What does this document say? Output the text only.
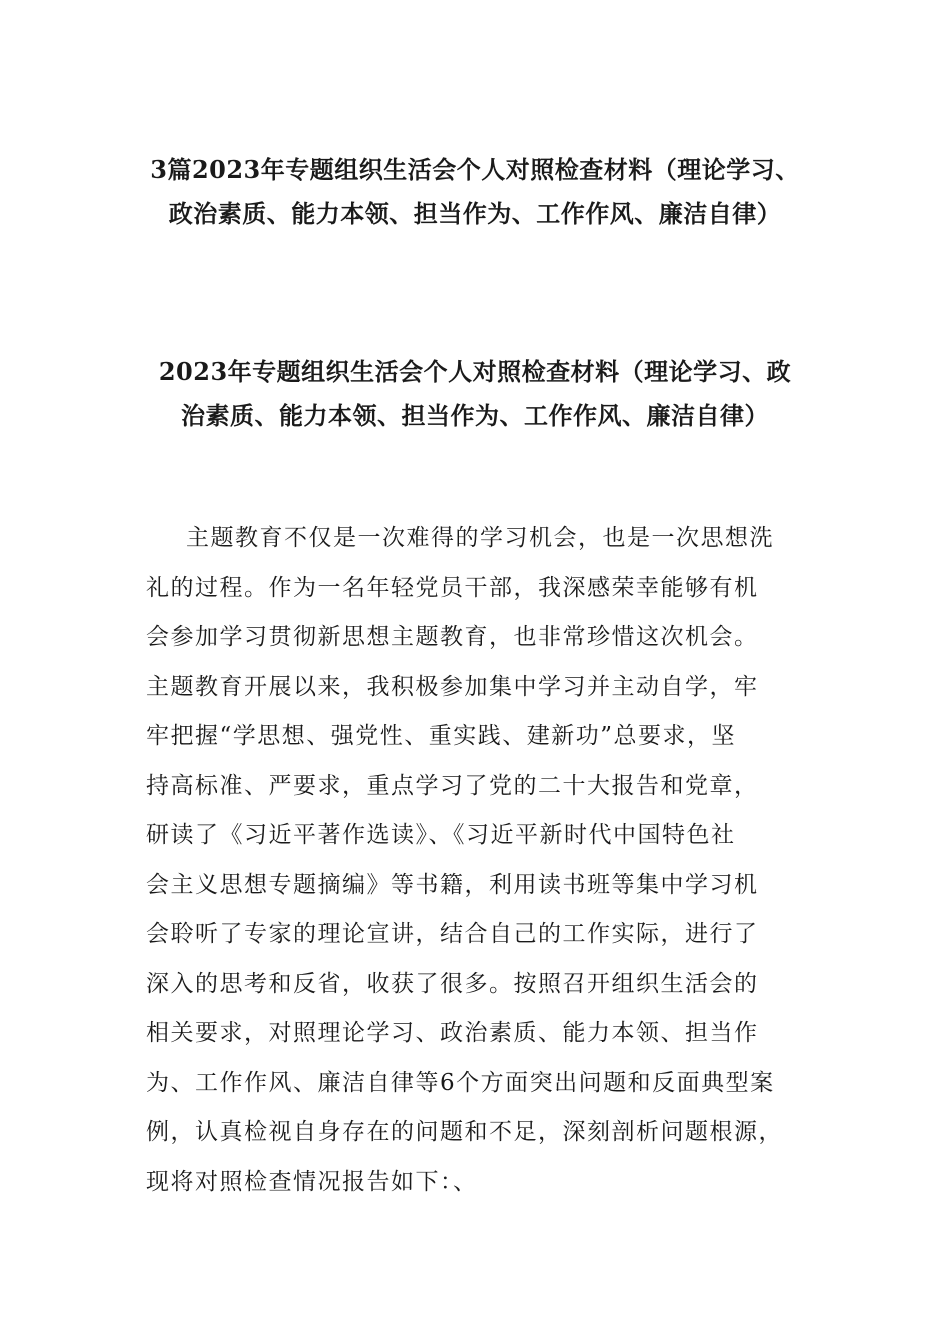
3篇2023年专题组织生活会个人对照检查材料（理论学习、
政治素质、能力本领、担当作为、工作作风、廉洁自律）
2023年专题组织生活会个人对照检查材料（理论学习、政
治素质、能力本领、担当作为、工作作风、廉洁自律）
主题教育不仅是一次难得的学习机会，也是一次思想洗
礼的过程。作为一名年轻党员干部，我深感荣幸能够有机
会参加学习贯彻新思想主题教育，也非常珍惜这次机会。
主题教育开展以来，我积极参加集中学习并主动自学，牢
牢把握“学思想、强党性、重实践、建新功”总要求，坚
持高标准、严要求，重点学习了党的二十大报告和党章，
研读了《习近平著作选读》、《习近平新时代中国特色社
会主义思想专题摘编》等书籍，利用读书班等集中学习机
会聆听了专家的理论宣讲，结合自己的工作实际，进行了
深入的思考和反省，收获了很多。按照召开组织生活会的
相关要求，对照理论学习、政治素质、能力本领、担当作
为、工作作风、廉洁自律等6个方面突出问题和反面典型案
例，认真检视自身存在的问题和不足，深刻剖析问题根源，
现将对照检查情况报告如下：、
